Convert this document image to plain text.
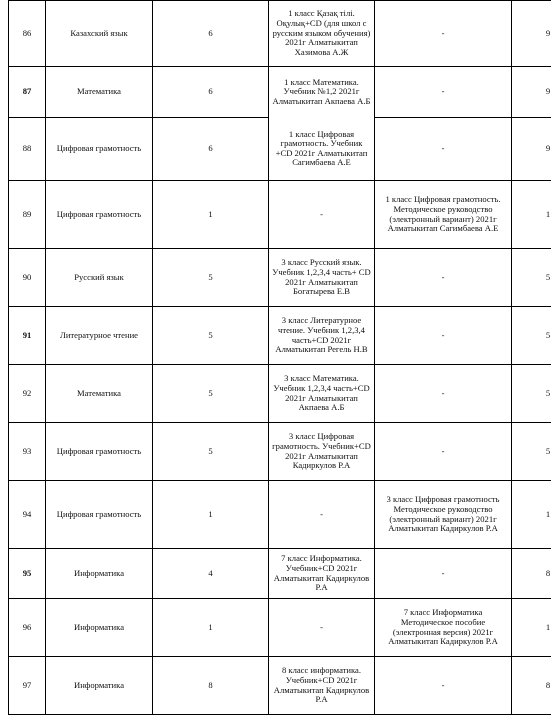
86	Казахский язык	6	1 класс Қазақ тілі. Оқулық+CD (для школ с русским языком обучения) 2021г Алматыкитап Хазимова А.Ж	-	9
87	Математика	6	1 класс Математика. Учебник №1,2 2021г Алматыкитап Акпаева А.Б	-	9
88	Цифровая грамотность	6	1 класс Цифровая грамотность. Учебник +CD 2021г Алматыкитап Сагимбаева А.Е	-	9
89	Цифровая грамотность	1	-	1 класс Цифровая грамотность. Методическое руководство (электронный вариант) 2021г Алматыкитап Сагимбаева А.Е	1
90	Русский язык	5	3 класс Русский язык. Учебник 1,2,3,4 часть+ CD 2021г Алматыкитап Богатырева Е.В	-	5
91	Литературное чтение	5	3 класс Литературное чтение. Учебник 1,2,3,4 часть+CD 2021г Алматыкитап Регель Н.В	-	5
92	Математика	5	3 класс Математика. Учебник 1,2,3,4 часть+CD 2021г Алматыкитап Акпаева А.Б	-	5
93	Цифровая грамотность	5	3 класс Цифровая грамотность. Учебник+CD 2021г Алматыкитап Кадиркулов Р.А	-	5
94	Цифровая грамотность	1	-	3 класс Цифровая грамотность Методическое руководство (электронный вариант) 2021г Алматыкитап Кадиркулов Р.А	1
95	Информатика	4	7 класс Информатика. Учебник+CD 2021г Алматыкитап Кадиркулов Р.А	-	8
96	Информатика	1	-	7 класс Информатика Методическое пособие (электронная версия) 2021г Алматыкитап Кадиркулов Р.А	1
97	Информатика	8	8 класс информатика. Учебник+CD 2021г Алматыкитап Кадиркулов Р.А	-	8
